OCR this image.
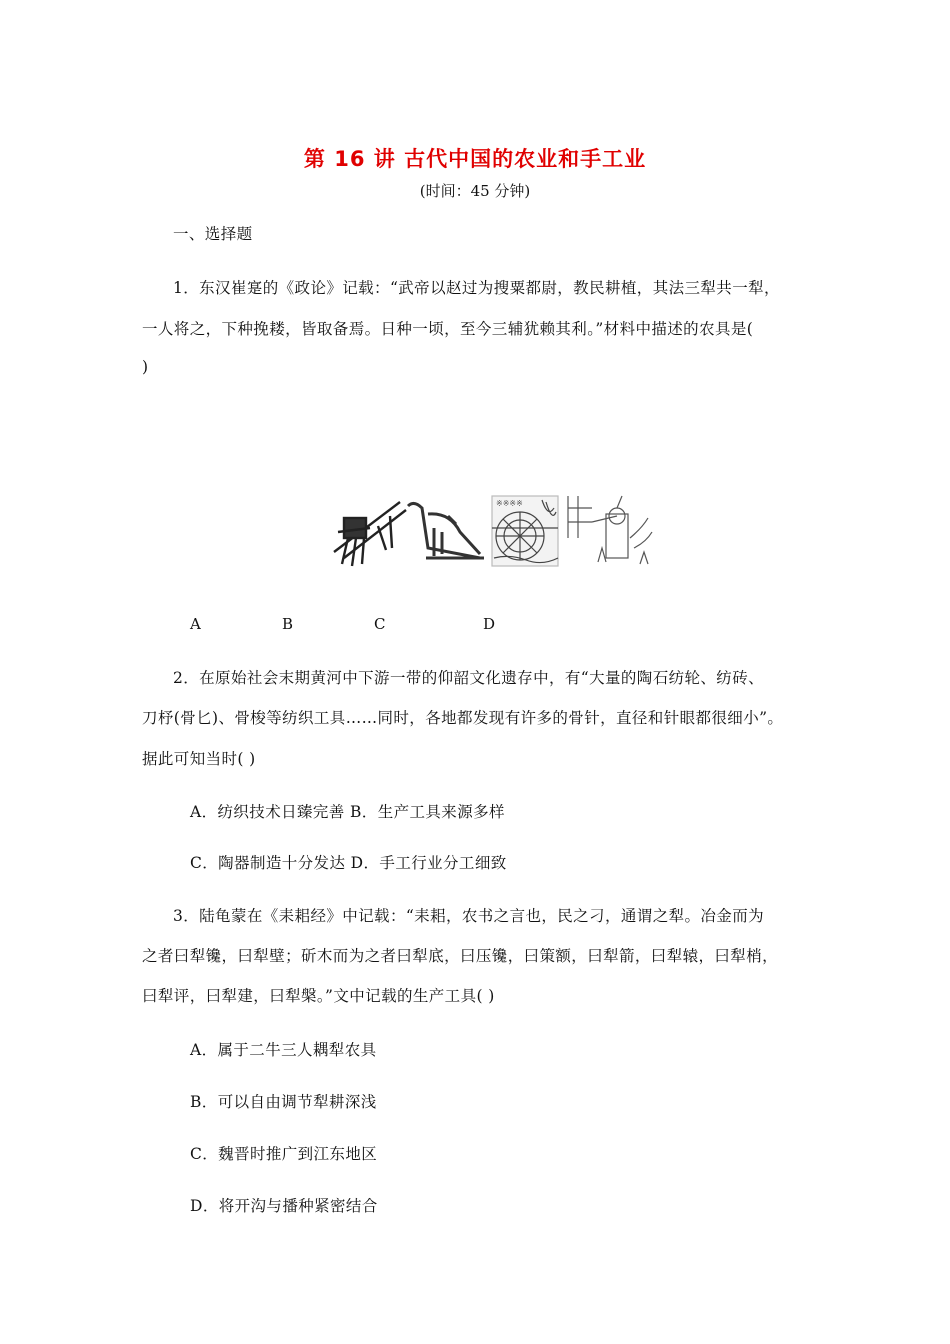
第 16 讲 古代中国的农业和手工业
(时间：45 分钟)
一、选择题
1．东汉崔寔的《政论》记载：“武帝以赵过为搜粟都尉，教民耕植，其法三犁共一犁，
一人将之，下种挽耧，皆取备焉。日种一顷，至今三辅犹赖其利。”材料中描述的农具是(
)
※※※※
A	B	C	D
2．在原始社会末期黄河中下游一带的仰韶文化遗存中，有“大量的陶石纺轮、纺砖、
刀杼(骨匕)、骨梭等纺织工具……同时，各地都发现有许多的骨针，直径和针眼都很细小”。
据此可知当时( )
A．纺织技术日臻完善 B．生产工具来源多样
C．陶器制造十分发达 D．手工行业分工细致
3．陆龟蒙在《耒耜经》中记载：“耒耜，农书之言也，民之刁，通谓之犁。冶金而为
之者曰犁镵，曰犁壁；斫木而为之者曰犁底，曰压镵，曰策额，曰犁箭，曰犁辕，曰犁梢，
曰犁评，曰犁建，曰犁槃。”文中记载的生产工具( )
A．属于二牛三人耦犁农具
B．可以自由调节犁耕深浅
C．魏晋时推广到江东地区
D．将开沟与播种紧密结合
